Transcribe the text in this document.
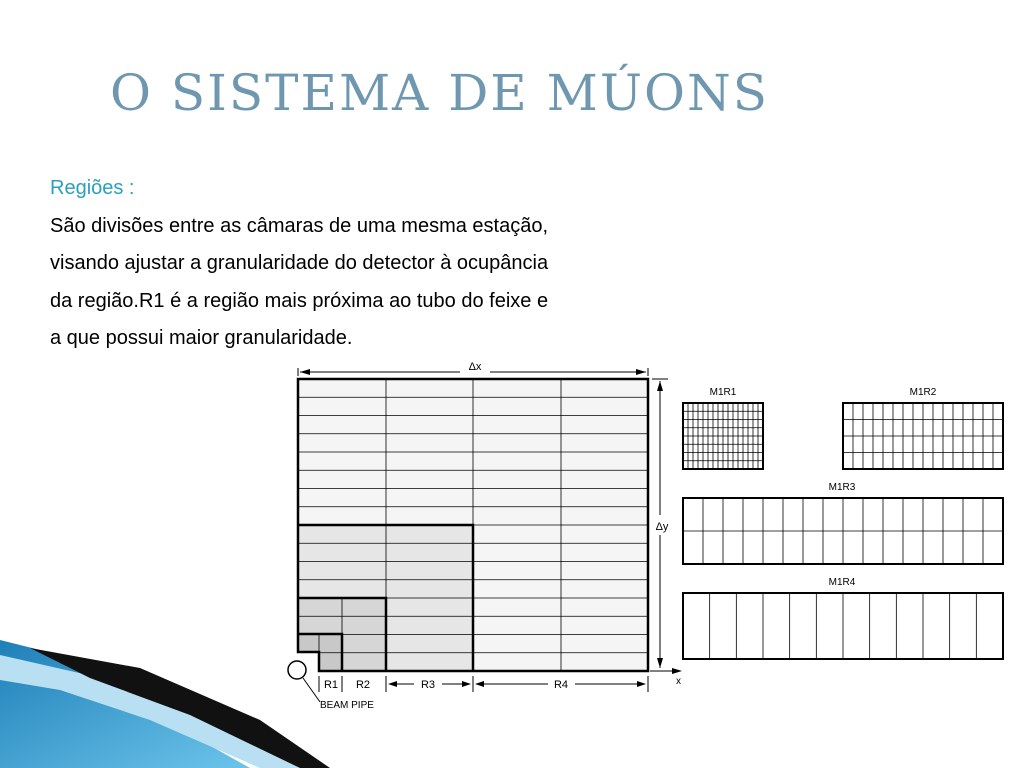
O SISTEMA DE MÚONS
Regiões :
São divisões entre as câmaras de uma mesma estação,
visando ajustar a granularidade do detector à ocupância
da região.R1 é a região mais próxima ao tubo do feixe e
a que possui maior granularidade.
Δx
Δy
x
R1 R2	R3	R4
BEAM PIPE
M1R1	M1R2
M1R3
M1R4
